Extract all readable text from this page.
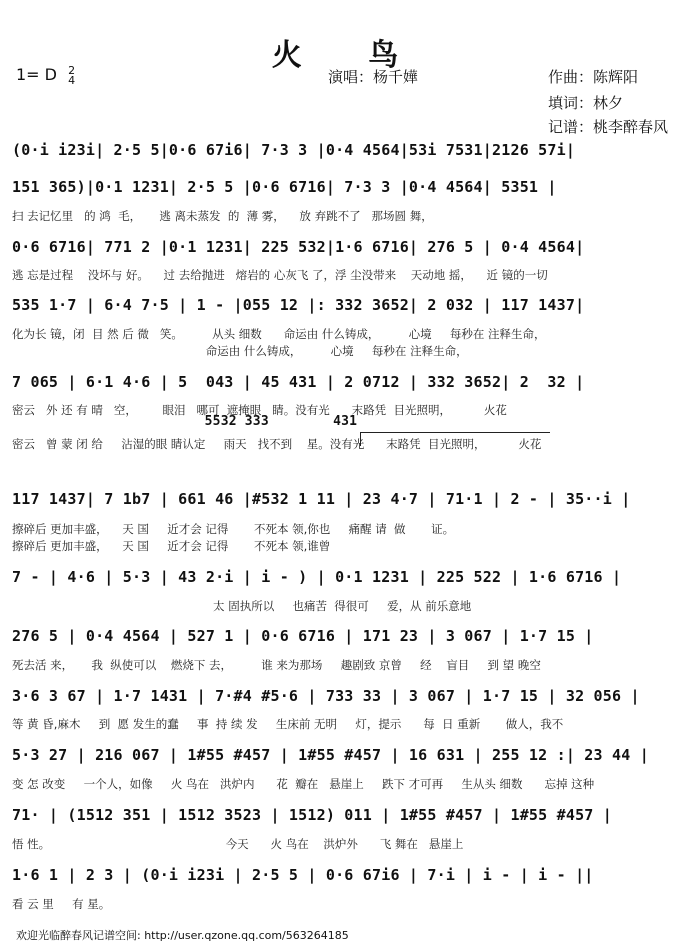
火 鸟
1= D 2
4	演唱：杨千嬅	作曲：陈辉阳
填词：林夕
记谱：桃李醉春风
(0·i i23i| 2·5 5|0·6 67i6| 7·3 3 |0·4 4564|53i 7531|2126 57i|
151 365)|0·1 1231| 2·5 5 |0·6 6716| 7·3 3 |0·4 4564| 5351 |
扫 去记忆里   的 鸿  毛，     逃 离未蒸发  的  薄 雾，    放 弃跳不了   那场圆 舞，
0·6 6716| 771 2 |0·1 1231| 225 532|1·6 6716| 276 5 | 0·4 4564|
逃 忘是过程    没坏与 好。    过 去给抛进   熔岩的 心灰飞 了，浮 尘没带来    天动地 摇，    近 镜的一切
535 1·7 | 6·4 7·5 | 1 - |055 12 |: 332 3652| 2 032 | 117 1437|
化为长 镜，闭  目 然 后 微   笑。        从头 细数      命运由 什么铸成，        心境     每秒在 注释生命，
命运由 什么铸成，        心境     每秒在 注释生命，
7 065 | 6·1 4·6 | 5  043 | 45 431 | 2 0712 | 332 3652| 2  32 |
密云   外 还 有 晴   空，       眼泪   哪可  遮掩眼   睛。没有光      末路凭  目光照明，         火花
5532 333        431
密云   曾 蒙 闭 给     沾湿的眼 睛认定     雨天   找不到    星。没有光      末路凭  目光照明，         火花
117 1437| 7 1b7 | 661 46 |#532 1 11 | 23 4·7 | 71·1 | 2 - | 35··i |
擦碎后 更加丰盛，    天 国     近才会 记得       不死本 领,你也     痛醒 请  做       证。
擦碎后 更加丰盛，    天 国     近才会 记得       不死本 领,谁曾
7 - | 4·6 | 5·3 | 43 2·i | i - ) | 0·1 1231 | 225 522 | 1·6 6716 |
太 固执所以     也痛苦  得很可     爱，从 前乐意地
276 5 | 0·4 4564 | 527 1 | 0·6 6716 | 171 23 | 3 067 | 1·7 15 |
死去活 来，     我  纵使可以    燃烧下 去，        谁 来为那场     趣剧致 京曾     经    盲目     到 望 晚空
3·6 3 67 | 1·7 1431 | 7·#4 #5·6 | 733 33 | 3 067 | 1·7 15 | 32 056 |
等 黄 昏,麻木     到  愿 发生的蠢     事  持 续 发     生床前 无明     灯，提示      每  日 重新       做人，我不
5·3 27 | 216 067 | 1#55 #457 | 1#55 #457 | 16 631 | 255 12 :| 23 44 |
变 怎 改变     一个人，如像     火 鸟在   洪炉内      花  瓣在   悬崖上     跌下 才可再     生从头 细数      忘掉 这种
71· | (1512 351 | 1512 3523 | 1512) 011 | 1#55 #457 | 1#55 #457 |
悟 性。                                                今天      火 鸟在    洪炉外      飞 舞在   悬崖上
1·6 1 | 2 3 | (0·i i23i | 2·5 5 | 0·6 67i6 | 7·i | i - | i - ||
看 云 里     有 星。
欢迎光临醉春风记谱空间: http://user.qzone.qq.com/563264185
